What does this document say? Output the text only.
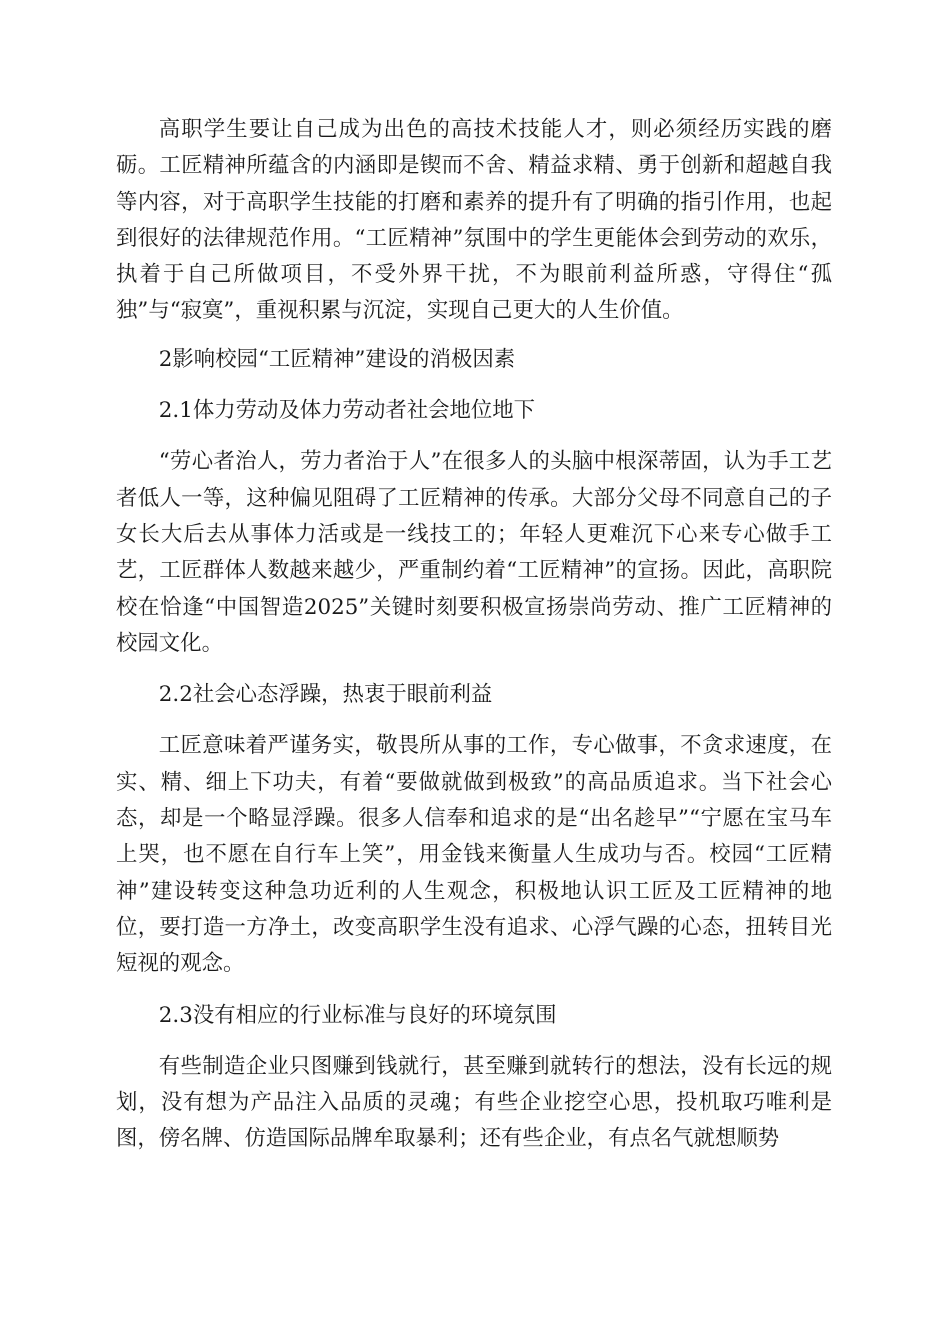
高职学生要让自己成为出色的高技术技能人才，则必须经历实践的磨砺。工匠精神所蕴含的内涵即是锲而不舍、精益求精、勇于创新和超越自我等内容，对于高职学生技能的打磨和素养的提升有了明确的指引作用，也起到很好的法律规范作用。“工匠精神”氛围中的学生更能体会到劳动的欢乐，执着于自己所做项目，不受外界干扰，不为眼前利益所惑，守得住“孤独”与“寂寞”，重视积累与沉淀，实现自己更大的人生价值。

2影响校园“工匠精神”建设的消极因素

2.1体力劳动及体力劳动者社会地位地下

“劳心者治人，劳力者治于人”在很多人的头脑中根深蒂固，认为手工艺者低人一等，这种偏见阻碍了工匠精神的传承。大部分父母不同意自己的子女长大后去从事体力活或是一线技工的；年轻人更难沉下心来专心做手工艺，工匠群体人数越来越少，严重制约着“工匠精神”的宣扬。因此，高职院校在恰逢“中国智造2025”关键时刻要积极宣扬崇尚劳动、推广工匠精神的校园文化。

2.2社会心态浮躁，热衷于眼前利益

工匠意味着严谨务实，敬畏所从事的工作，专心做事，不贪求速度，在实、精、细上下功夫，有着“要做就做到极致”的高品质追求。当下社会心态，却是一个略显浮躁。很多人信奉和追求的是“出名趁早”“宁愿在宝马车上哭，也不愿在自行车上笑”，用金钱来衡量人生成功与否。校园“工匠精神”建设转变这种急功近利的人生观念，积极地认识工匠及工匠精神的地位，要打造一方净土，改变高职学生没有追求、心浮气躁的心态，扭转目光短视的观念。

2.3没有相应的行业标准与良好的环境氛围

有些制造企业只图赚到钱就行，甚至赚到就转行的想法，没有长远的规划，没有想为产品注入品质的灵魂；有些企业挖空心思，投机取巧唯利是图，傍名牌、仿造国际品牌牟取暴利；还有些企业，有点名气就想顺势
